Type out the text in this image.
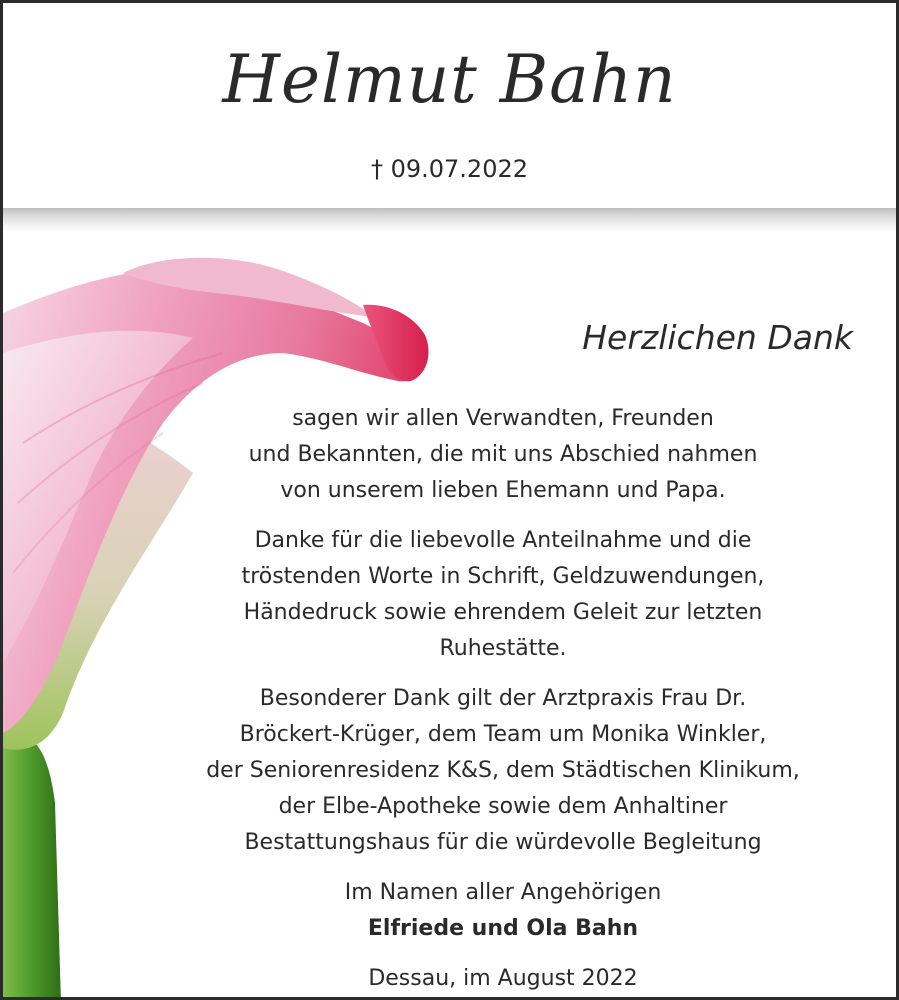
Helmut Bahn
† 09.07.2022
Herzlichen Dank

sagen wir allen Verwandten, Freunden
und Bekannten, die mit uns Abschied nahmen
von unserem lieben Ehemann und Papa.

Danke für die liebevolle Anteilnahme und die
tröstenden Worte in Schrift, Geldzuwendungen,
Händedruck sowie ehrendem Geleit zur letzten
Ruhestätte.

Besonderer Dank gilt der Arztpraxis Frau Dr.
Bröckert-Krüger, dem Team um Monika Winkler,
der Seniorenresidenz K&S, dem Städtischen Klinikum,
der Elbe-Apotheke sowie dem Anhaltiner
Bestattungshaus für die würdevolle Begleitung

Im Namen aller Angehörigen
Elfriede und Ola Bahn
Dessau, im August 2022
